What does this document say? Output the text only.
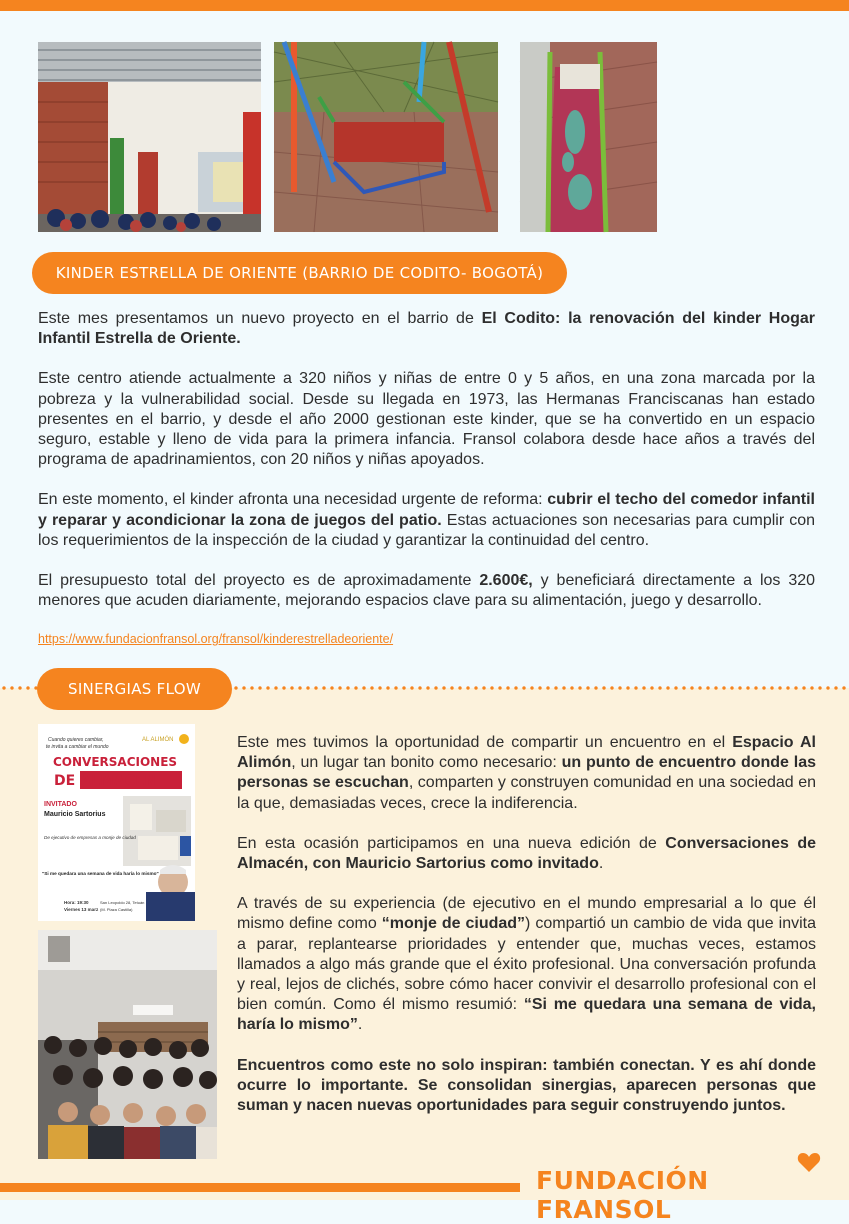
KINDER ESTRELLA DE ORIENTE (BARRIO DE CODITO- BOGOTÁ)

Este mes presentamos un nuevo proyecto en el barrio de El Codito: la renovación del kinder Hogar Infantil Estrella de Oriente.

Este centro atiende actualmente a 320 niños y niñas de entre 0 y 5 años, en una zona marcada por la pobreza y la vulnerabilidad social. Desde su llegada en 1973, las Hermanas Franciscanas han estado presentes en el barrio, y desde el año 2000 gestionan este kinder, que se ha convertido en un espacio seguro, estable y lleno de vida para la primera infancia. Fransol colabora desde hace años a través del programa de apadrinamientos, con 20 niños y niñas apoyados.

En este momento, el kinder afronta una necesidad urgente de reforma: cubrir el techo del comedor infantil y reparar y acondicionar la zona de juegos del patio. Estas actuaciones son necesarias para cumplir con los requerimientos de la inspección de la ciudad y garantizar la continuidad del centro.

El presupuesto total del proyecto es de aproximadamente 2.600€, y beneficiará directamente a los 320 menores que acuden diariamente, mejorando espacios clave para su alimentación, juego y desarrollo.

https://www.fundacionfransol.org/fransol/kinderestrelladeoriente/
SINERGIAS FLOW
Cuando quieres cambiar,
te invita a cambiar el mundo
AL ALIMÓN
CONVERSACIONES
DE ALMACÉN
INVITADO
Mauricio Sartorius
De ejecutivo de empresas a monje de ciudad
"Si me quedara una semana de vida haría lo mismo"
Hora: 19:30
Viernes 13 marz
San Leopoldo 28, Tetuán
(M. Plaza Castilla)

Este mes tuvimos la oportunidad de compartir un encuentro en el Espacio Al Alimón, un lugar tan bonito como necesario: un punto de encuentro donde las personas se escuchan, comparten y construyen comunidad en una sociedad en la que, demasiadas veces, crece la indiferencia.

En esta ocasión participamos en una nueva edición de Conversaciones de Almacén, con Mauricio Sartorius como invitado.

A través de su experiencia (de ejecutivo en el mundo empresarial a lo que él mismo define como “monje de ciudad”) compartió un cambio de vida que invita a parar, replantearse prioridades y entender que, muchas veces, estamos llamados a algo más grande que el éxito profesional. Una conversación profunda y real, lejos de clichés, sobre cómo hacer convivir el desarrollo profesional con el bien común. Como él mismo resumió: “Si me quedara una semana de vida, haría lo mismo”.

Encuentros como este no solo inspiran: también conectan. Y es ahí donde ocurre lo importante. Se consolidan sinergias, aparecen personas que suman y nacen nuevas oportunidades para seguir construyendo juntos.

FUNDACIÓN FRANSOL
